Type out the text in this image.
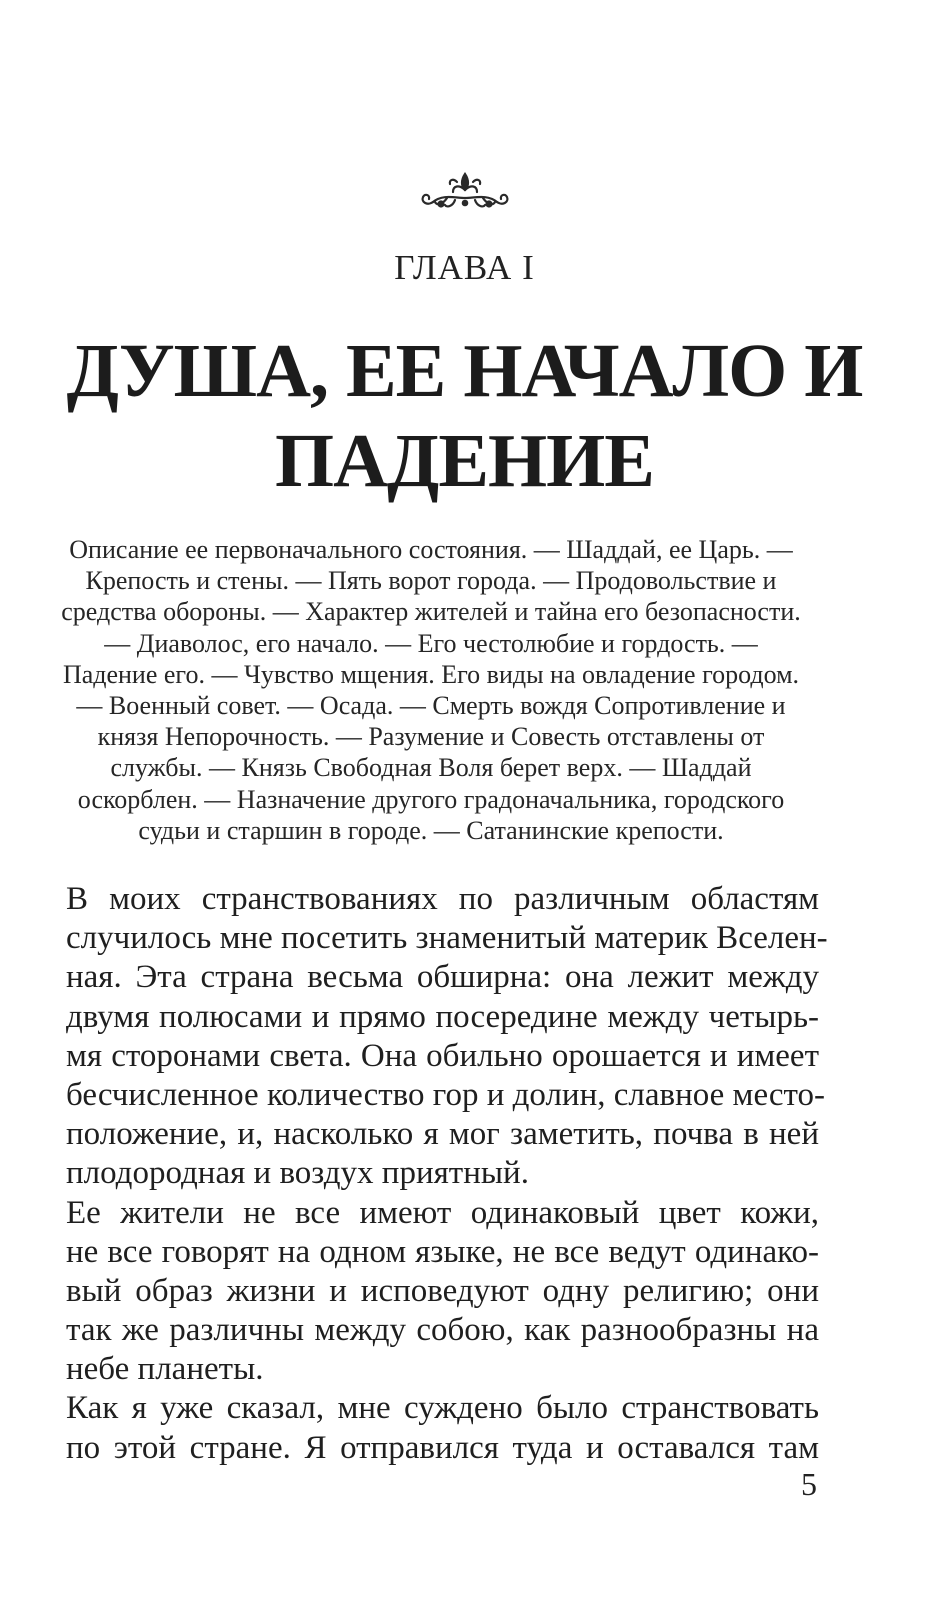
ГЛАВА I
ДУША, ЕЕ НАЧАЛО И
ПАДЕНИЕ
Описание ее первоначального состояния. — Шаддай, ее Царь. —
Крепость и стены. — Пять ворот города. — Продовольствие и
средства обороны. — Характер жителей и тайна его безопасности.
— Диаволос, его начало. — Его честолюбие и гордость. —
Падение его. — Чувство мщения. Его виды на овладение городом.
— Военный совет. — Осада. — Смерть вождя Сопротивление и
князя Непорочность. — Разумение и Совесть отставлены от
службы. — Князь Свободная Воля берет верх. — Шаддай
оскорблен. — Назначение другого градоначальника, городского
судьи и старшин в городе. — Сатанинские крепости.
В моих странствованиях по различным областям
случилось мне посетить знаменитый материк Вселен-
ная. Эта страна весьма обширна: она лежит между
двумя полюсами и прямо посередине между четырь-
мя сторонами света. Она обильно орошается и имеет
бесчисленное количество гор и долин, славное место-
положение, и, насколько я мог заметить, почва в ней
плодородная и воздух приятный.
Ее жители не все имеют одинаковый цвет кожи,
не все говорят на одном языке, не все ведут одинако-
вый образ жизни и исповедуют одну религию; они
так же различны между собою, как разнообразны на
небе планеты.
Как я уже сказал, мне суждено было странствовать
по этой стране. Я отправился туда и оставался там
5
